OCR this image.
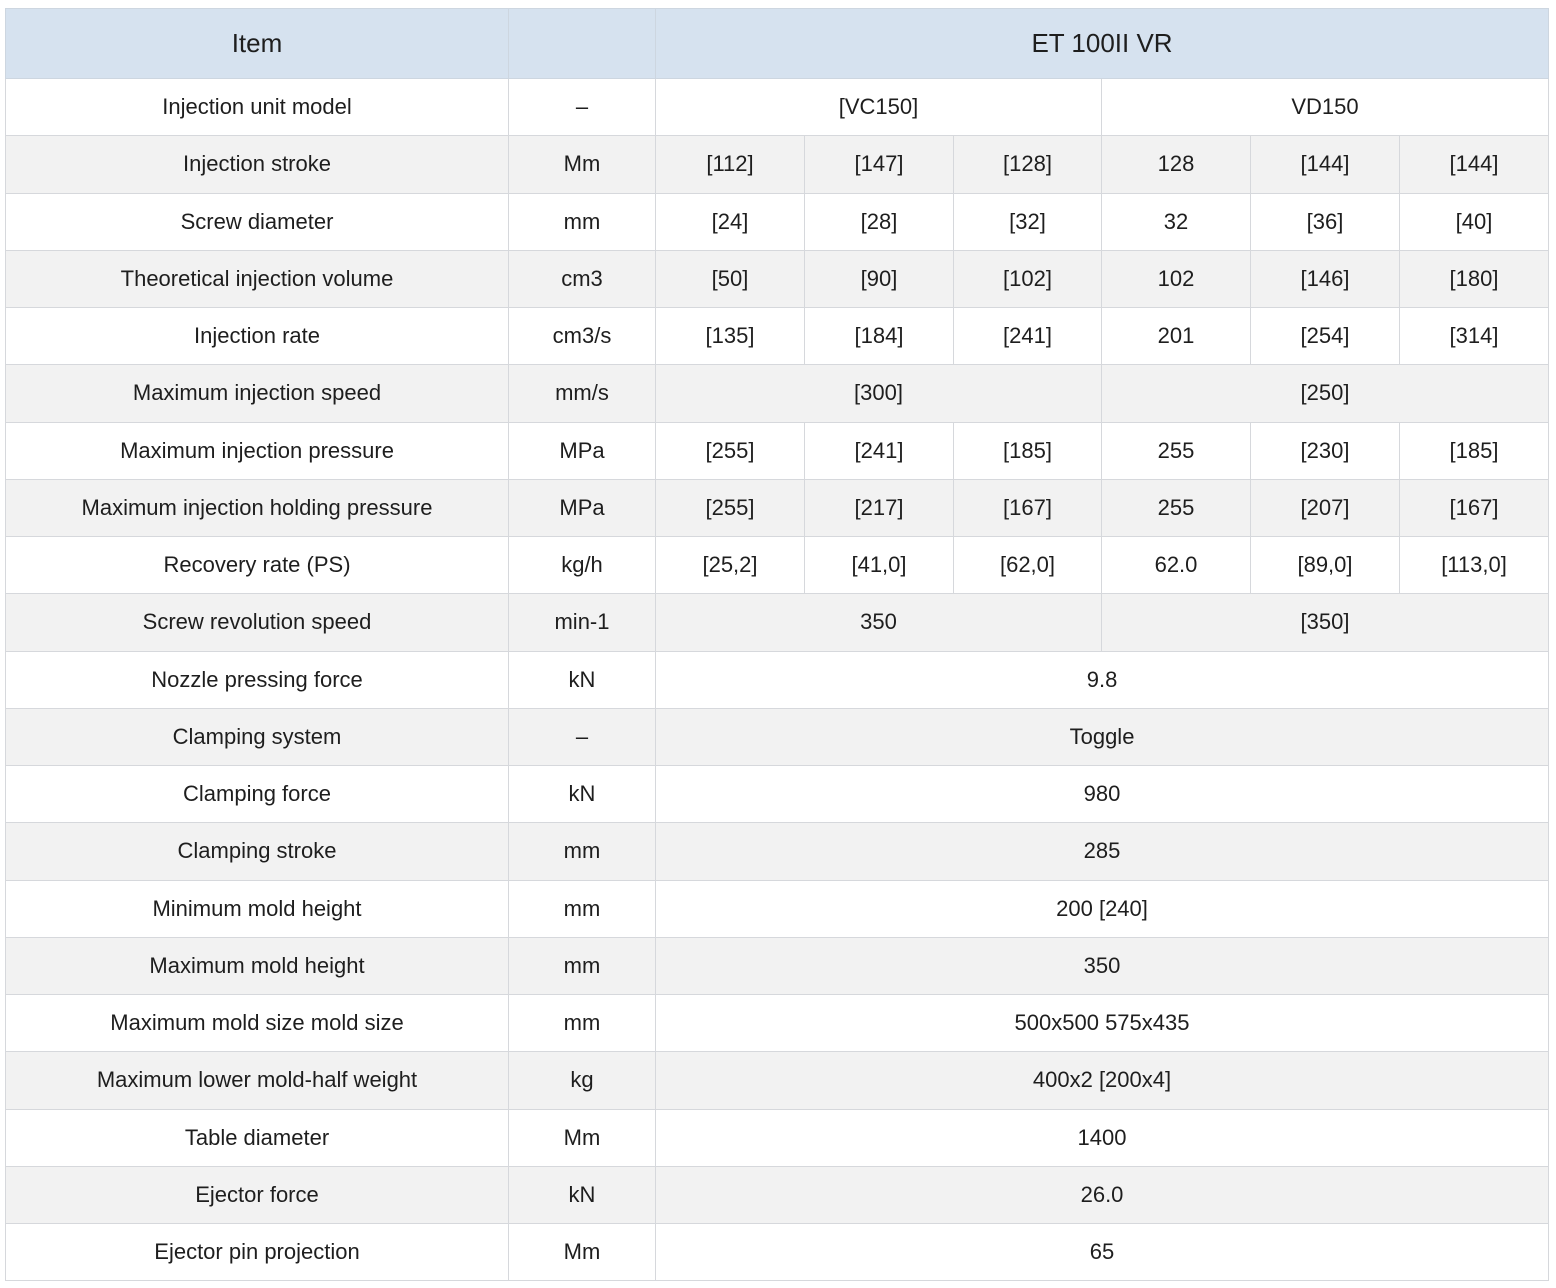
Item		ET 100II VR					
Injection unit model	–	[VC150]			VD150		
Injection stroke	Mm	[112]	[147]	[128]	128	[144]	[144]
Screw diameter	mm	[24]	[28]	[32]	32	[36]	[40]
Theoretical injection volume	cm3	[50]	[90]	[102]	102	[146]	[180]
Injection rate	cm3/s	[135]	[184]	[241]	201	[254]	[314]
Maximum injection speed	mm/s	[300]			[250]		
Maximum injection pressure	MPa	[255]	[241]	[185]	255	[230]	[185]
Maximum injection holding pressure	MPa	[255]	[217]	[167]	255	[207]	[167]
Recovery rate (PS)	kg/h	[25,2]	[41,0]	[62,0]	62.0	[89,0]	[113,0]
Screw revolution speed	min-1	350			[350]		
Nozzle pressing force	kN	9.8					
Clamping system	–	Toggle					
Clamping force	kN	980					
Clamping stroke	mm	285					
Minimum mold height	mm	200 [240]					
Maximum mold height	mm	350					
Maximum mold size mold size	mm	500x500 575x435					
Maximum lower mold-half weight	kg	400x2 [200x4]					
Table diameter	Mm	1400					
Ejector force	kN	26.0					
Ejector pin projection	Mm	65					
